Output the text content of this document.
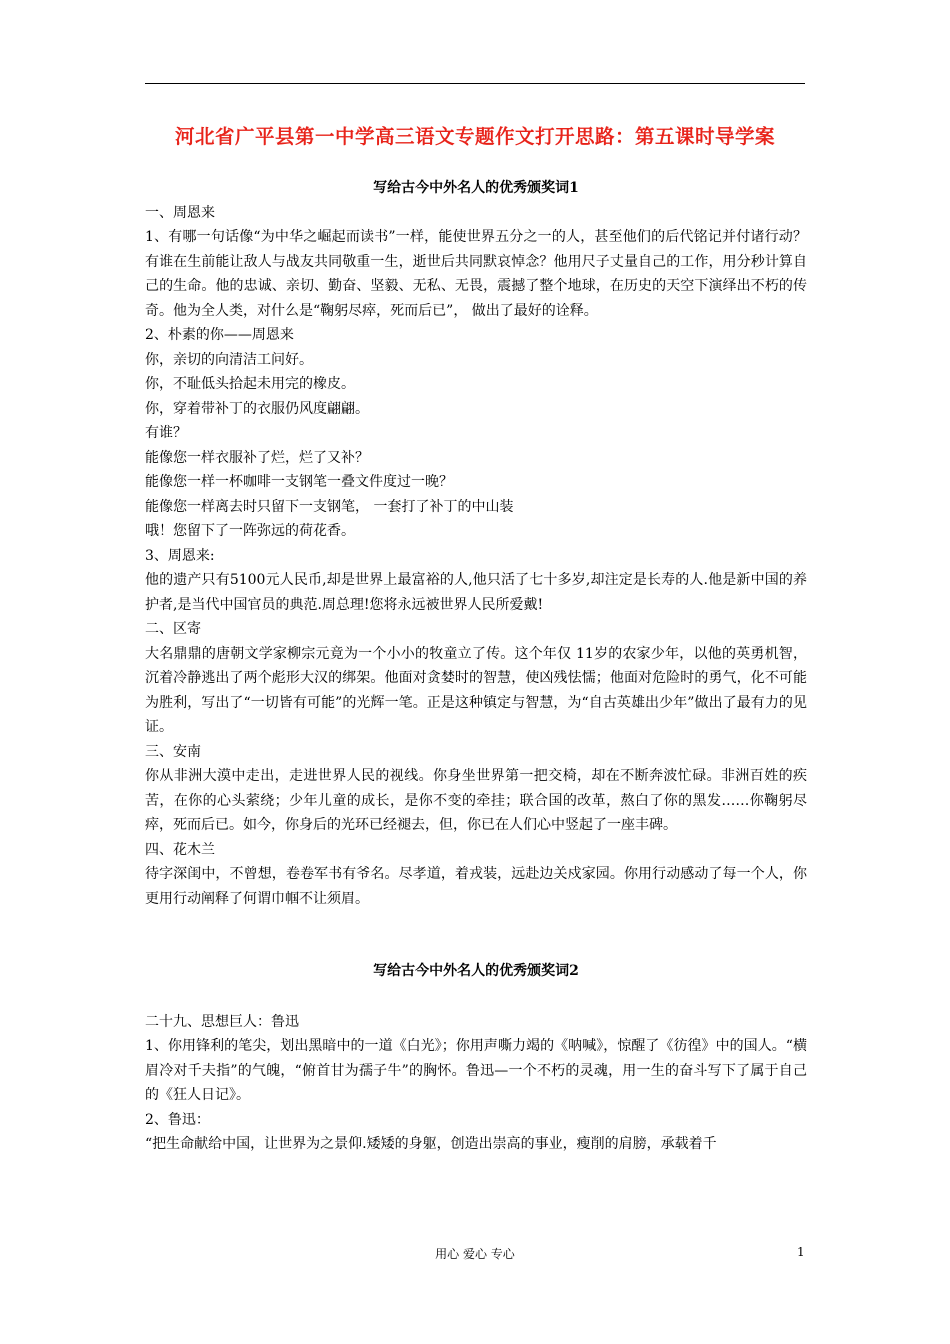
河北省广平县第一中学高三语文专题作文打开思路：第五课时导学案
写给古今中外名人的优秀颁奖词1

一、周恩来

1、有哪一句话像“为中华之崛起而读书”一样，能使世界五分之一的人，甚至他们的后代铭记并付诸行动？有谁在生前能让敌人与战友共同敬重一生，逝世后共同默哀悼念？他用尺子丈量自己的工作，用分秒计算自己的生命。他的忠诚、亲切、勤奋、坚毅、无私、无畏，震撼了整个地球，在历史的天空下演绎出不朽的传奇。他为全人类，对什么是“鞠躬尽瘁，死而后已”， 做出了最好的诠释。

2、朴素的你——周恩来

你，亲切的向清洁工问好。

你，不耻低头拾起未用完的橡皮。

你，穿着带补丁的衣服仍风度翩翩。

有谁？

能像您一样衣服补了烂，烂了又补？

能像您一样一杯咖啡一支钢笔一叠文件度过一晚？

能像您一样离去时只留下一支钢笔， 一套打了补丁的中山装

哦！您留下了一阵弥远的荷花香。

3、周恩来:

他的遗产只有5100元人民币,却是世界上最富裕的人,他只活了七十多岁,却注定是长寿的人.他是新中国的养护者,是当代中国官员的典范.周总理!您将永远被世界人民所爱戴!

二、区寄

大名鼎鼎的唐朝文学家柳宗元竟为一个小小的牧童立了传。这个年仅 11岁的农家少年，以他的英勇机智，沉着冷静逃出了两个彪形大汉的绑架。他面对贪婪时的智慧，使凶残怯懦；他面对危险时的勇气，化不可能为胜利，写出了“一切皆有可能”的光辉一笔。正是这种镇定与智慧，为“自古英雄出少年”做出了最有力的见证。

三、安南

你从非洲大漠中走出，走进世界人民的视线。你身坐世界第一把交椅，却在不断奔波忙碌。非洲百姓的疾苦，在你的心头萦绕；少年儿童的成长，是你不变的牵挂；联合国的改革，熬白了你的黑发……你鞠躬尽瘁，死而后已。如今，你身后的光环已经褪去，但，你已在人们心中竖起了一座丰碑。

四、花木兰

待字深闺中，不曾想，卷卷军书有爷名。尽孝道，着戎装，远赴边关戍家园。你用行动感动了每一个人，你更用行动阐释了何谓巾帼不让须眉。

写给古今中外名人的优秀颁奖词2

二十九、思想巨人：鲁迅

1、你用锋利的笔尖，划出黑暗中的一道《白光》；你用声嘶力竭的《呐喊》，惊醒了《彷徨》中的国人。“横眉冷对千夫指”的气魄，“俯首甘为孺子牛”的胸怀。鲁迅—一个不朽的灵魂，用一生的奋斗写下了属于自己的《狂人日记》。

2、鲁迅：

“把生命献给中国，让世界为之景仰.矮矮的身躯，创造出崇高的事业，瘦削的肩膀，承载着千

用心 爱心 专心	1
